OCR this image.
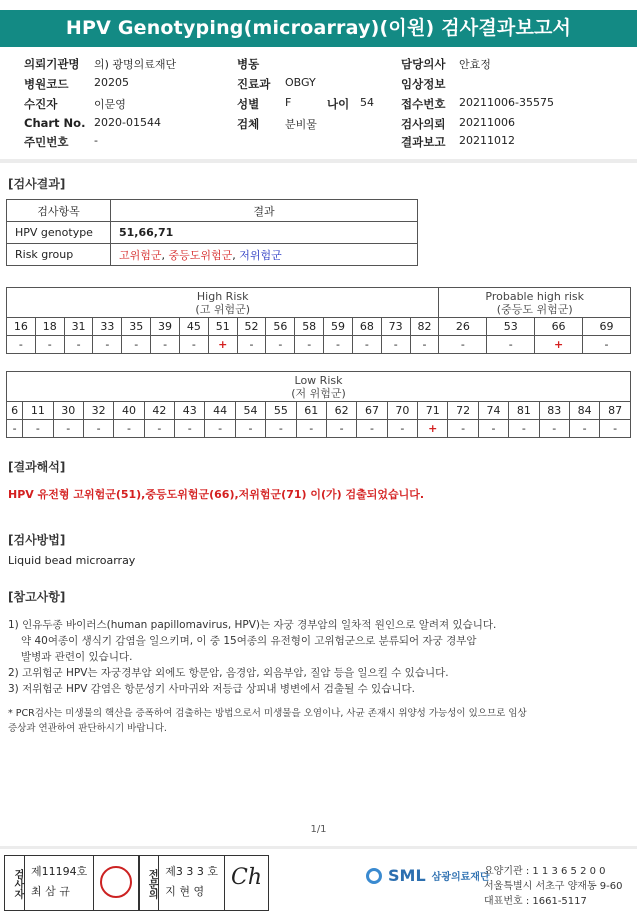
HPV Genotyping(microarray)(이원) 검사결과보고서
의뢰기관명 의) 광명의료재단
병원코드 20205
수진자	이문영
Chart No. 2020-01544
주민번호 -
병동
진료과 OBGY
성별 F	나이 54
검체 분비물
담당의사 안효정
임상정보
접수번호 20211006-35575
검사의뢰 20211006
결과보고 20211012
[검사결과]
검사항목	결과
HPV genotype	51,66,71
Risk group	고위험군, 중등도위험군, 저위험군
High Risk
(고 위험군)															Probable high risk
(중등도 위험군)			
16	18	31	33	35	39	45	51	52	56	58	59	68	73	82	26	53	66	69
-	-	-	-	-	-	-	+	-	-	-	-	-	-	-	-	-	+	-
Low Risk
(저 위험군)																				
6	11	30	32	40	42	43	44	54	55	61	62	67	70	71	72	74	81	83	84	87
-	-	-	-	-	-	-	-	-	-	-	-	-	-	+	-	-	-	-	-	-
[결과해석]
HPV 유전형 고위험군(51),중등도위험군(66),저위험군(71) 이(가) 검출되었습니다.
[검사방법]
Liquid bead microarray
[참고사항]
1) 인유두종 바이러스(human papillomavirus, HPV)는 자궁 경부암의 일차적 원인으로 알려져 있습니다.
약 40여종이 생식기 감염을 일으키며, 이 중 15여종의 유전형이 고위험군으로 분류되어 자궁 경부암
발병과 관련이 있습니다.
2) 고위험군 HPV는 자궁경부암 외에도 항문암, 음경암, 외음부암, 질암 등을 일으킬 수 있습니다.
3) 저위험군 HPV 감염은 항문성기 사마귀와 저등급 상피내 병변에서 검출될 수 있습니다.
* PCR검사는 미생물의 핵산을 증폭하여 검출하는 방법으로서 미생물을 오염이나, 사균 존재시 위양성 가능성이 있으므로 임상
증상과 연관하여 판단하시기 바랍니다.
1/1
검사자 제11194호
최 삼 규	전문의 제3 3 3 호
지 현 영
Ch	SML 삼광의료재단
요양기관 : 1 1 3 6 5 2 0 0
서울특별시 서초구 양재동 9-60
대표번호 : 1661-5117
